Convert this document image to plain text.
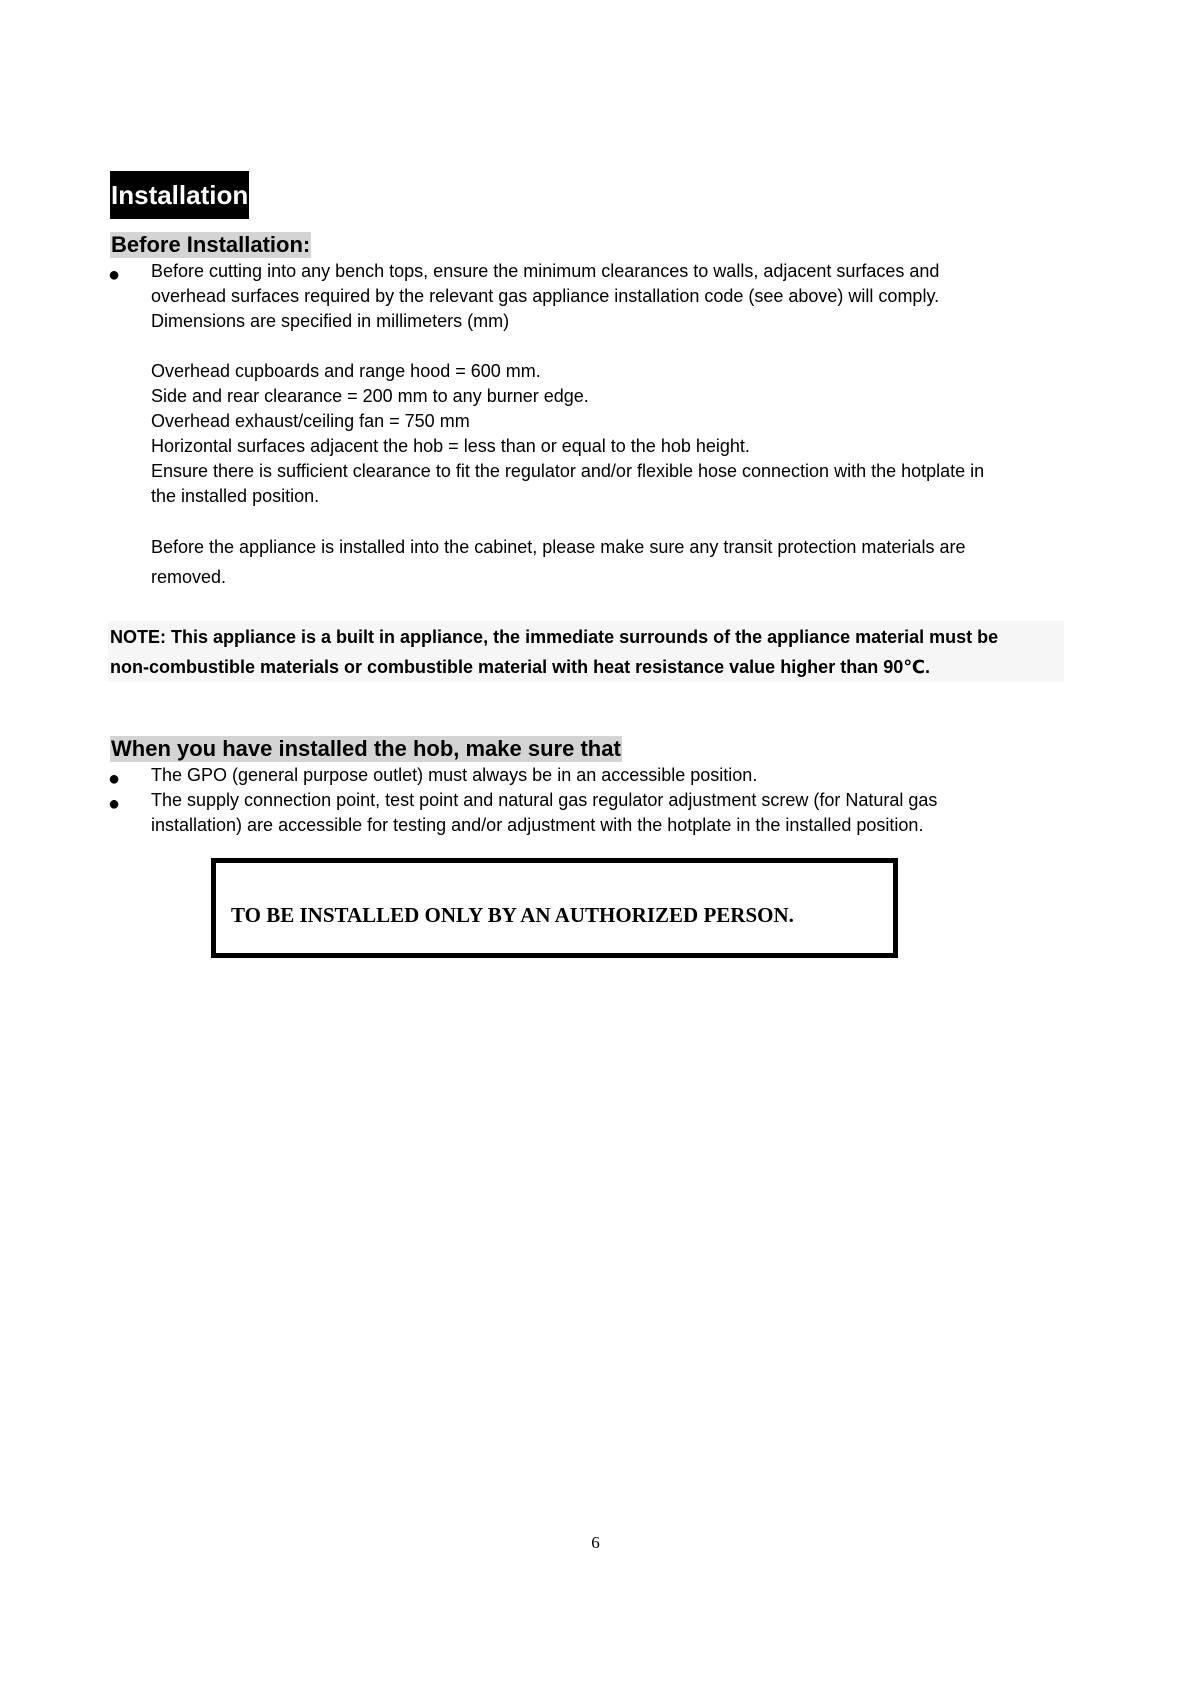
Installation
Before Installation:
● Before cutting into any bench tops, ensure the minimum clearances to walls, adjacent surfaces and
overhead surfaces required by the relevant gas appliance installation code (see above) will comply.
Dimensions are specified in millimeters (mm)
Overhead cupboards and range hood = 600 mm.
Side and rear clearance = 200 mm to any burner edge.
Overhead exhaust/ceiling fan = 750 mm
Horizontal surfaces adjacent the hob = less than or equal to the hob height.
Ensure there is sufficient clearance to fit the regulator and/or flexible hose connection with the hotplate in
the installed position.
Before the appliance is installed into the cabinet, please make sure any transit protection materials are
removed.
NOTE: This appliance is a built in appliance, the immediate surrounds of the appliance material must be
non-combustible materials or combustible material with heat resistance value higher than 90℃.
When you have installed the hob, make sure that
● The GPO (general purpose outlet) must always be in an accessible position.
● The supply connection point, test point and natural gas regulator adjustment screw (for Natural gas
installation) are accessible for testing and/or adjustment with the hotplate in the installed position.
TO BE INSTALLED ONLY BY AN AUTHORIZED PERSON.
6
